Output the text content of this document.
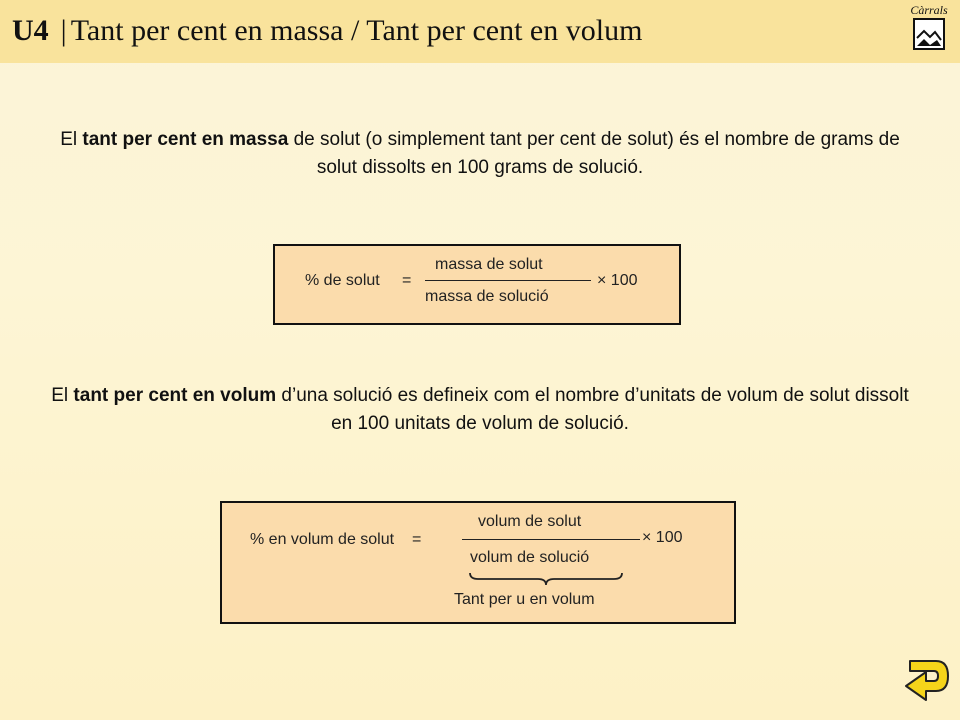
U4 | Tant per cent en massa / Tant per cent en volum
Càrrals
El tant per cent en massa de solut (o simplement tant per cent de solut) és el nombre de grams de solut dissolts en 100 grams de solució.
% de solut =
massa de solut
massa de solució
× 100
El tant per cent en volum d’una solució es defineix com el nombre d’unitats de volum de solut dissolt en 100 unitats de volum de solució.
% en volum de solut =
volum de solut
volum de solució
× 100
Tant per u en volum
